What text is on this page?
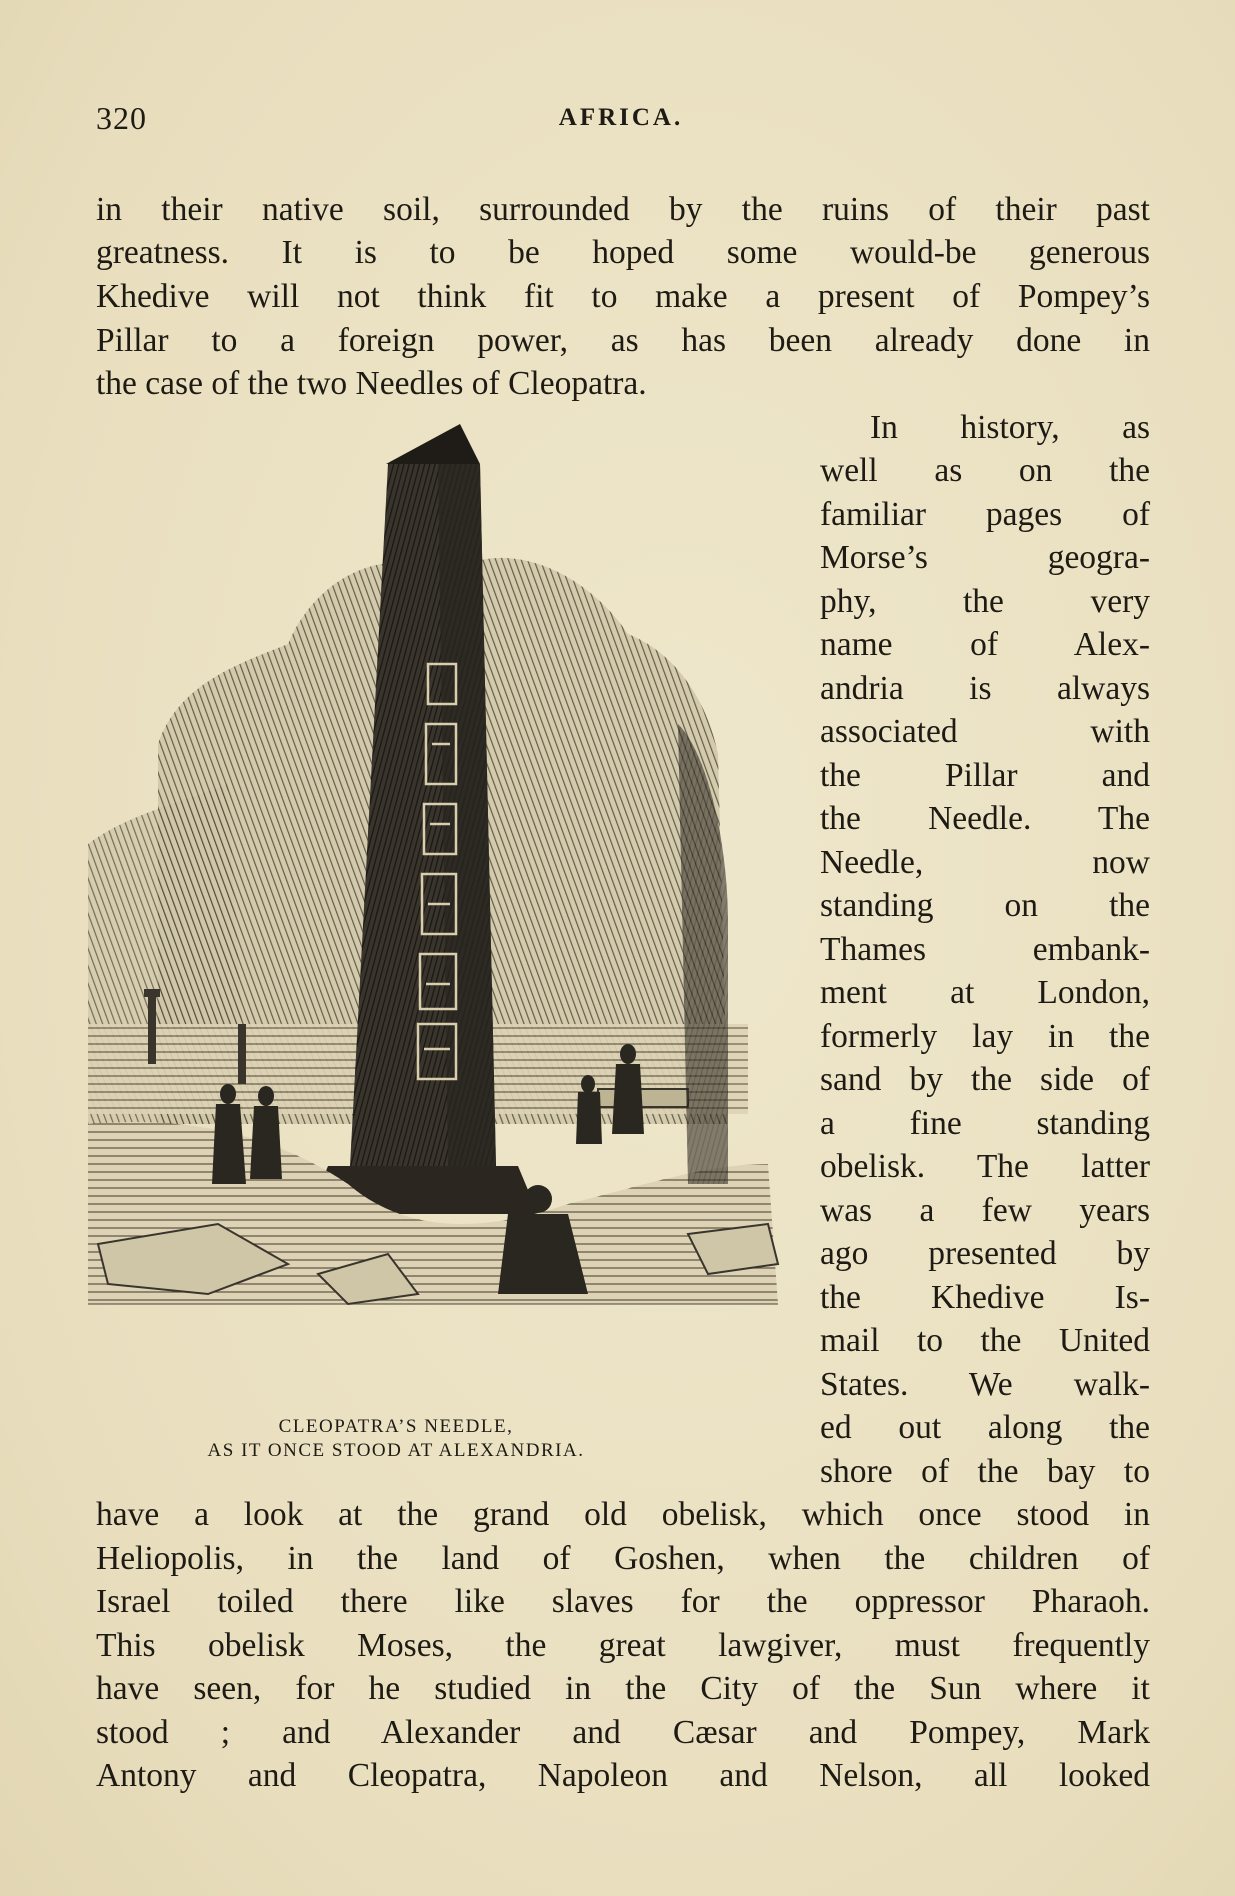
320	AFRICA.
in their native soil, surrounded by the ruins of their past
greatness. It is to be hoped some would-be generous
Khedive will not think fit to make a present of Pompey’s
Pillar to a foreign power, as has been already done in
the case of the two Needles of Cleopatra.
In history, as
well as on the
familiar pages of
Morse’s geogra-
phy, the very
name of Alex-
andria is always
associated with
the Pillar and
the Needle. The
Needle, now
standing on the
Thames embank-
ment at London,
formerly lay in the
sand by the side of
a fine standing
obelisk. The latter
was a few years
ago presented by
the Khedive Is-
mail to the United
States. We walk-
ed out along the
shore of the bay to
have a look at the grand old obelisk, which once stood in
Heliopolis, in the land of Goshen, when the children of
Israel toiled there like slaves for the oppressor Pharaoh.
This obelisk Moses, the great lawgiver, must frequently
have seen, for he studied in the City of the Sun where it
stood ; and Alexander and Cæsar and Pompey, Mark
Antony and Cleopatra, Napoleon and Nelson, all looked
CLEOPATRA’S NEEDLE,
AS IT ONCE STOOD AT ALEXANDRIA.
